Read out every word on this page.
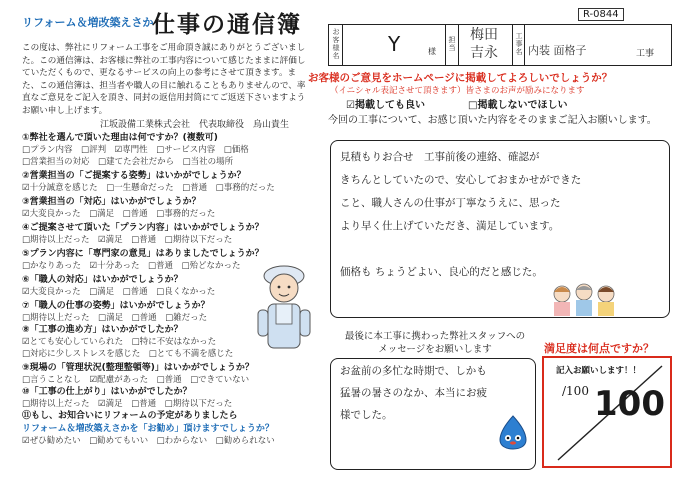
リフォーム＆増改築えさか
仕事の通信簿
この度は、弊社にリフォーム工事をご用命頂き誠にありがとうございました。この通信簿は、お客様に弊社の工事内容について感じたままに評価していただくもので、更なるサービスの向上の参考にさせて頂きます。また、この通信簿は、担当者や職人の目に触れることもありませんので、率直なご意見をご記入を頂き、同封の返信用封筒にてご返送下さいますようお願い申し上げます。
江坂設備工業株式会社　代表取締役　烏山貴生
①弊社を選んで頂いた理由は何ですか？(複数可)
□プラン内容　□評判　☑専門性　□サービス内容　□価格
□営業担当の対応　□建てた会社だから　□当社の場所
②営業担当の「ご提案する姿勢」はいかがでしょうか？
☑十分誠意を感じた　□一生懸命だった　□普通　□事務的だった
③営業担当の「対応」はいかがでしょうか？
☑大変良かった　□満足　□普通　□事務的だった
④ご提案させて頂いた「プラン内容」はいかがでしょうか？
□期待以上だった　☑満足　□普通　□期待以下だった
⑤プラン内容に「専門家の意見」はありましたでしょうか？
□かなりあった　☑十分あった　□普通　□殆どなかった
⑥「職人の対応」はいかがでしょうか？
☑大変良かった　□満足　□普通　□良くなかった
⑦「職人の仕事の姿勢」はいかがでしょうか？
□期待以上だった　□満足　□普通　□雑だった
⑧「工事の進め方」はいかがでしたか？
☑とても安心していられた　□特に不安はなかった
□対応に少しストレスを感じた　□とても不満を感じた
⑨現場の「管理状況(整理整頓等)」はいかがでしょうか？
□言うことなし　☑配慮があった　□普通　□できていない
⑩「工事の仕上がり」はいかがでしたか？
□期待以上だった　☑満足　□普通　□期待以下だった
⑪もし、お知合いにリフォームの予定がありましたら
リフォーム＆増改築えさかを「お勧め」頂けますでしょうか？
☑ぜひ勧めたい　□勧めてもいい　□わからない　□勧められない
R-0844
お客様名 Y	様
担当
梅田
吉永
工事名 内装 面格子	工事
お客様のご意見をホームページに掲載してよろしいでしょうか？
（イニシャル表記させて頂きます）皆さまのお声が励みになります
☑掲載しても良い	□掲載しないでほしい
今回の工事について、お感じ頂いた内容をそのままご記入お願いします。
見積もりお合せ　工事前後の連絡、確認が
きちんとしていたので、安心しておまかせができた
こと、職人さんの仕事が丁寧なうえに、思った
より早く仕上げていただき、満足しています。

価格も ちょうどよい、良心的だと感じた。
最後に本工事に携わった弊社スタッフへの
メッセージをお願いします
お盆前の多忙な時期で、しかも
猛暑の暑さのなか、本当にお疲
様でした。
満足度は何点ですか？
記入お願いします！！
/100 100
